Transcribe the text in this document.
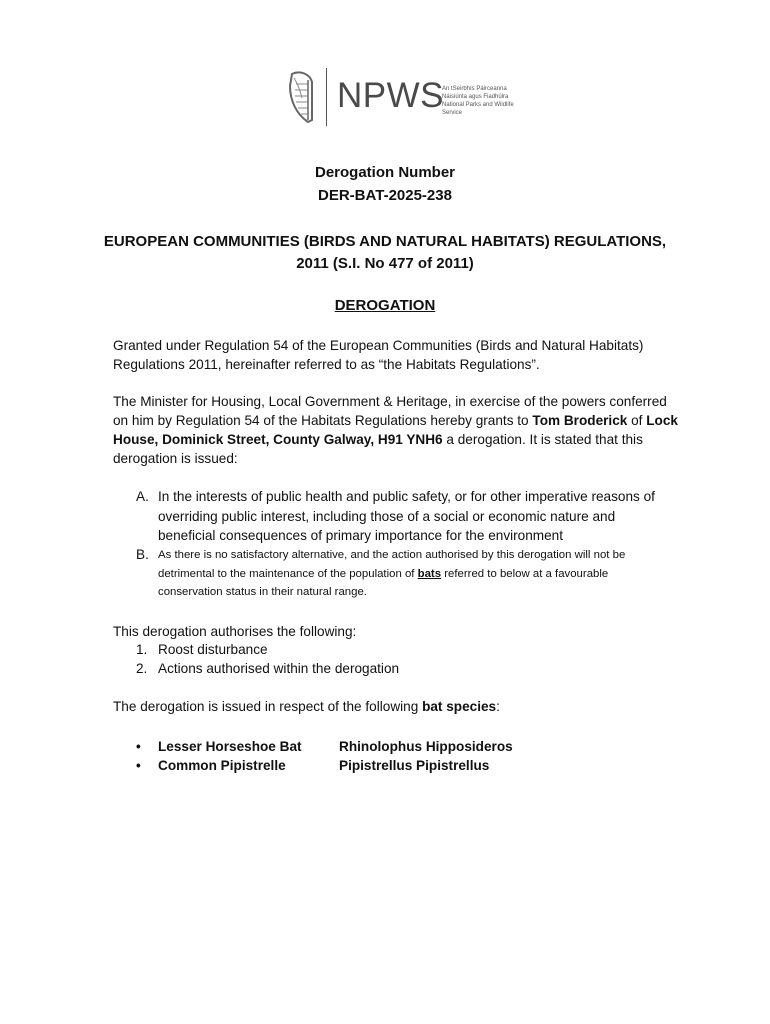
NPWS
An tSeirbhís Páirceanna
Náisiúnta agus Fiadhúlra
National Parks and Wildlife
Service
Derogation Number
DER-BAT-2025-238
EUROPEAN COMMUNITIES (BIRDS AND NATURAL HABITATS) REGULATIONS,
2011 (S.I. No 477 of 2011)
DEROGATION
Granted under Regulation 54 of the European Communities (Birds and Natural Habitats)
Regulations 2011, hereinafter referred to as “the Habitats Regulations”.
The Minister for Housing, Local Government & Heritage, in exercise of the powers conferred
on him by Regulation 54 of the Habitats Regulations hereby grants to Tom Broderick of Lock
House, Dominick Street, County Galway, H91 YNH6 a derogation. It is stated that this
derogation is issued:
A. In the interests of public health and public safety, or for other imperative reasons of
overriding public interest, including those of a social or economic nature and
beneficial consequences of primary importance for the environment
B. As there is no satisfactory alternative, and the action authorised by this derogation will not be
detrimental to the maintenance of the population of bats referred to below at a favourable
conservation status in their natural range.
This derogation authorises the following:
1. Roost disturbance
2. Actions authorised within the derogation
The derogation is issued in respect of the following bat species:
• Lesser Horseshoe Bat	Rhinolophus Hipposideros
• Common Pipistrelle	Pipistrellus Pipistrellus
